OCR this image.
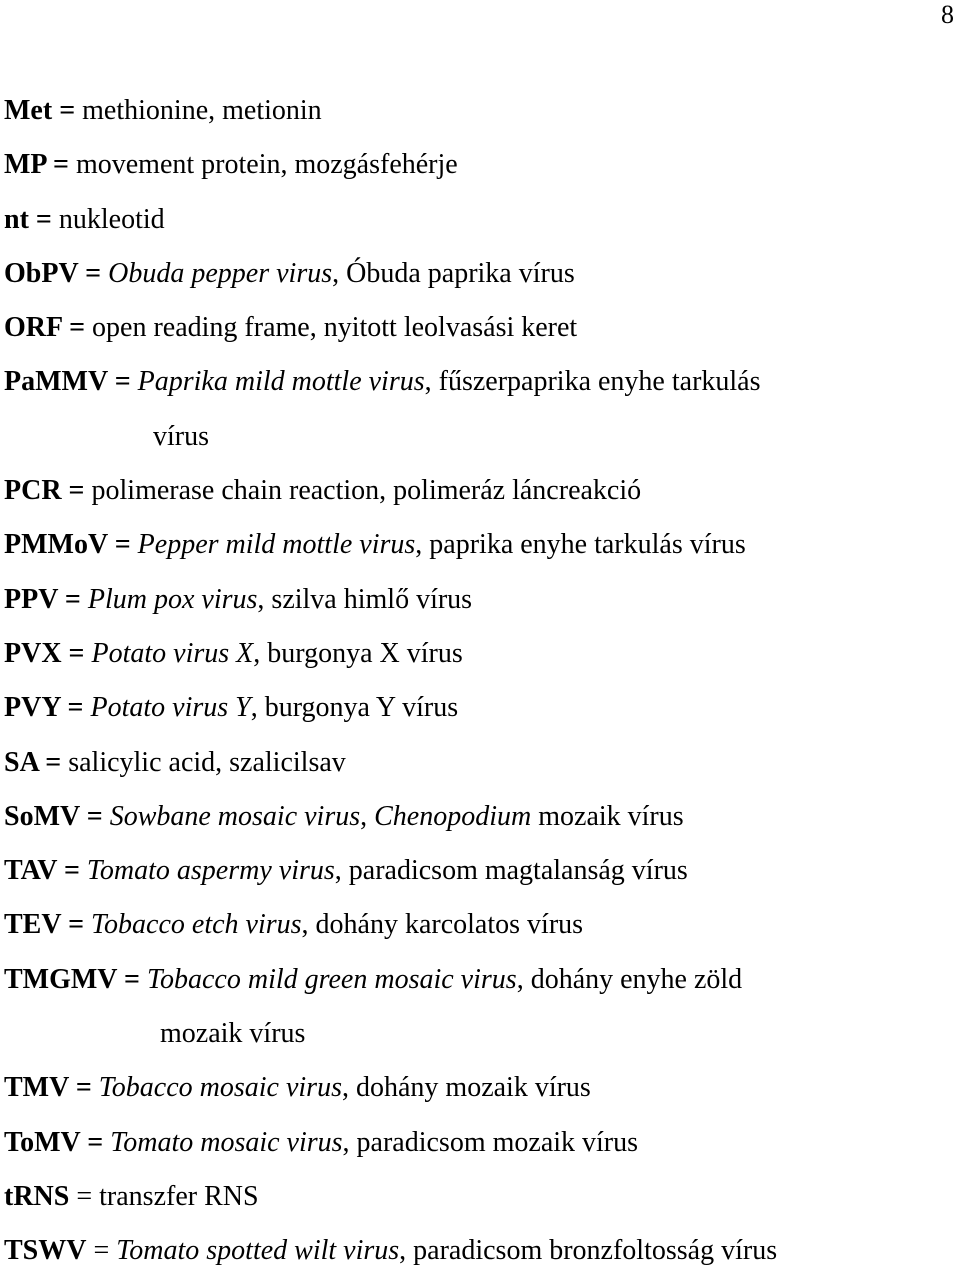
8
Met = methionine, metionin
MP = movement protein, mozgásfehérje
nt = nukleotid
ObPV = Obuda pepper virus, Óbuda paprika vírus
ORF = open reading frame, nyitott leolvasási keret
PaMMV = Paprika mild mottle virus, fűszerpaprika enyhe tarkulás
vírus
PCR = polimerase chain reaction, polimeráz láncreakció
PMMoV = Pepper mild mottle virus, paprika enyhe tarkulás vírus
PPV = Plum pox virus, szilva himlő vírus
PVX = Potato virus X, burgonya X vírus
PVY = Potato virus Y, burgonya Y vírus
SA = salicylic acid, szalicilsav
SoMV = Sowbane mosaic virus, Chenopodium mozaik vírus
TAV = Tomato aspermy virus, paradicsom magtalanság vírus
TEV = Tobacco etch virus, dohány karcolatos vírus
TMGMV = Tobacco mild green mosaic virus, dohány enyhe zöld
mozaik vírus
TMV = Tobacco mosaic virus, dohány mozaik vírus
ToMV = Tomato mosaic virus, paradicsom mozaik vírus
tRNS = transzfer RNS
TSWV = Tomato spotted wilt virus, paradicsom bronzfoltosság vírus
